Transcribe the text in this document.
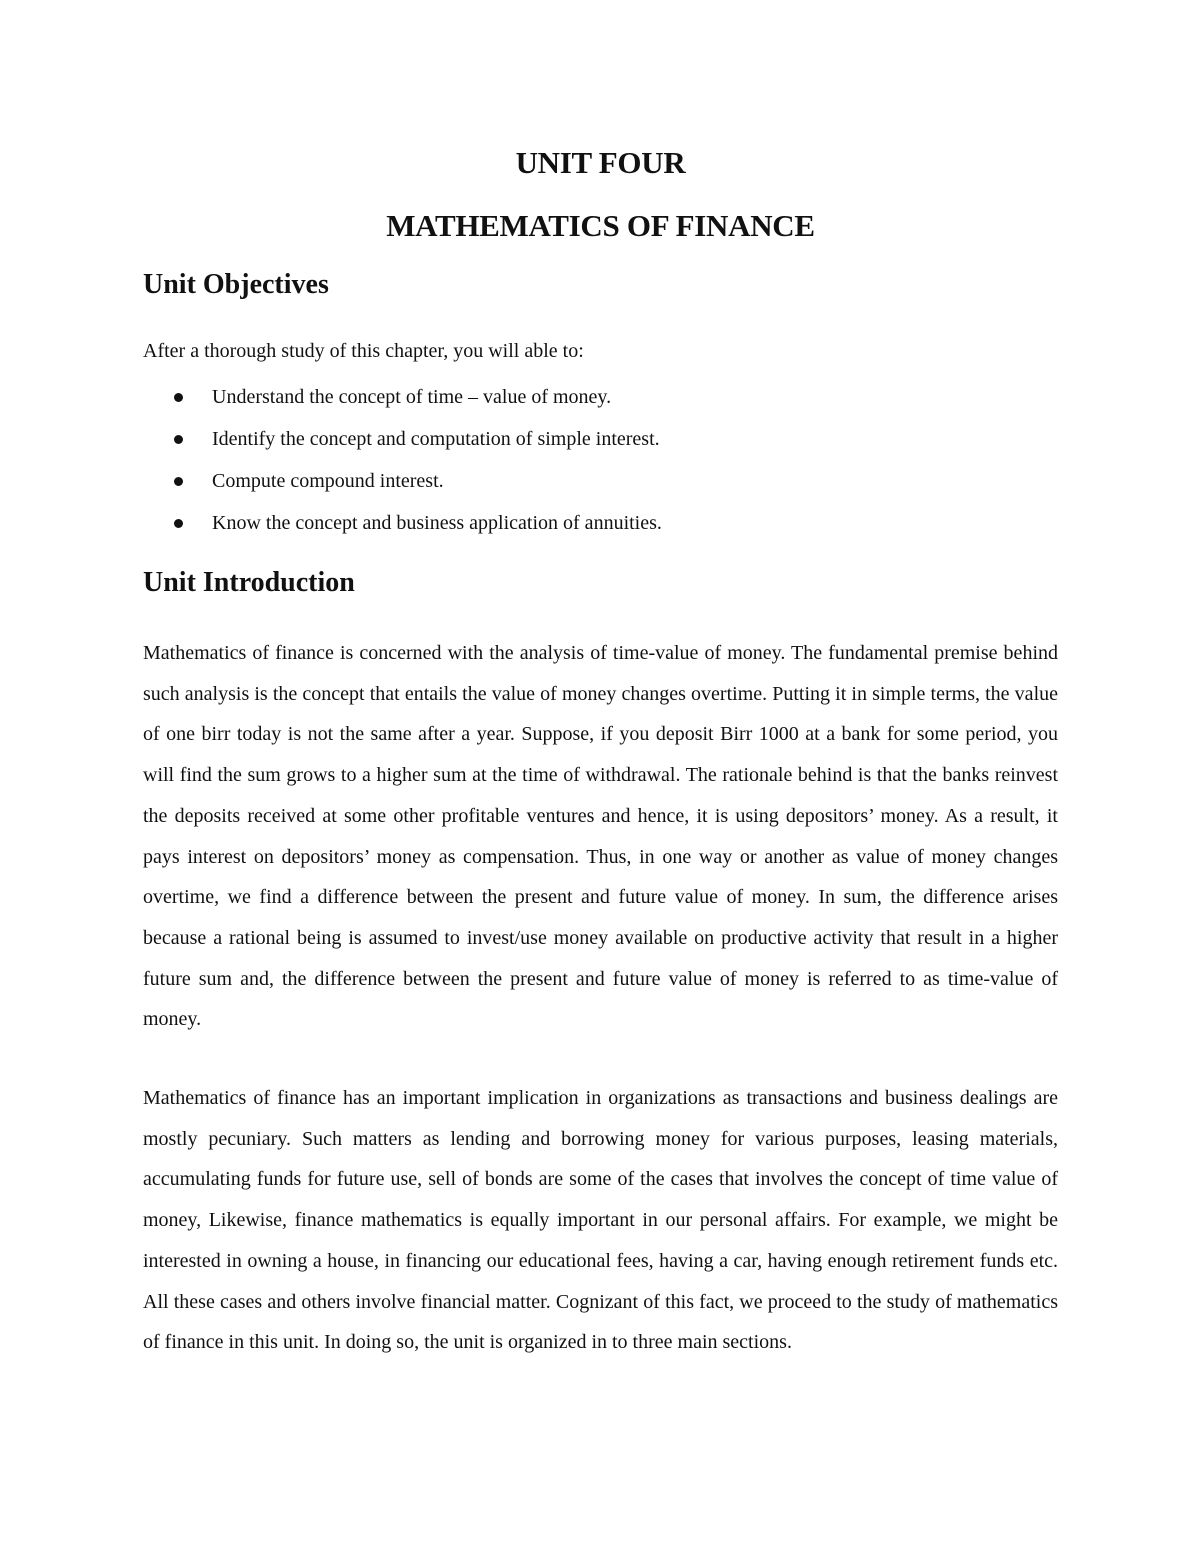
UNIT FOUR
MATHEMATICS OF FINANCE
Unit Objectives

After a thorough study of this chapter, you will able to:

Understand the concept of time – value of money.
Identify the concept and computation of simple interest.
Compute compound interest.
Know the concept and business application of annuities.
Unit Introduction

Mathematics of finance is concerned with the analysis of time-value of money. The fundamental premise behind such analysis is the concept that entails the value of money changes overtime. Putting it in simple terms, the value of one birr today is not the same after a year. Suppose, if you deposit Birr 1000 at a bank for some period, you will find the sum grows to a higher sum at the time of withdrawal. The rationale behind is that the banks reinvest the deposits received at some other profitable ventures and hence, it is using depositors’ money. As a result, it pays interest on depositors’ money as compensation. Thus, in one way or another as value of money changes overtime, we find a difference between the present and future value of money. In sum, the difference arises because a rational being is assumed to invest/use money available on productive activity that result in a higher future sum and, the difference between the present and future value of money is referred to as time-value of money.

Mathematics of finance has an important implication in organizations as transactions and business dealings are mostly pecuniary. Such matters as lending and borrowing money for various purposes, leasing materials, accumulating funds for future use, sell of bonds are some of the cases that involves the concept of time value of money, Likewise, finance mathematics is equally important in our personal affairs. For example, we might be interested in owning a house, in financing our educational fees, having a car, having enough retirement funds etc. All these cases and others involve financial matter. Cognizant of this fact, we proceed to the study of mathematics of finance in this unit. In doing so, the unit is organized in to three main sections.
